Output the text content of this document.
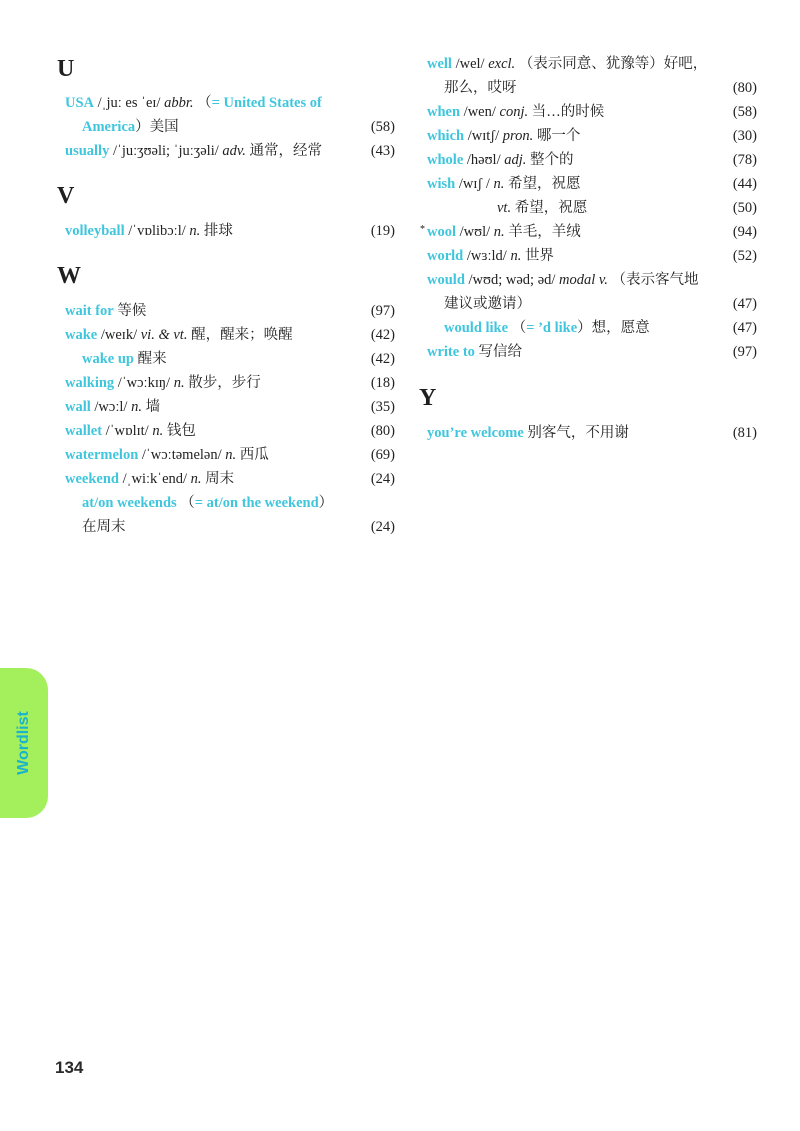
U
USA /ˌjuː es ˈeɪ/ abbr. （= United States of
America）美国	(58)
usually /ˈjuːʒʊəli; ˈjuːʒəli/ adv. 通常，经常	(43)
V
volleyball /ˈvɒlibɔːl/ n. 排球	(19)
W
wait for 等候	(97)
wake /weɪk/ vi. & vt. 醒，醒来；唤醒	(42)
wake up 醒来	(42)
walking /ˈwɔːkɪŋ/ n. 散步，步行	(18)
wall /wɔːl/ n. 墙	(35)
wallet /ˈwɒlɪt/ n. 钱包	(80)
watermelon /ˈwɔːtəmelən/ n. 西瓜	(69)
weekend /ˌwiːkˈend/ n. 周末	(24)
at/on weekends （= at/on the weekend）
在周末	(24)
well /wel/ excl. （表示同意、犹豫等）好吧，
那么，哎呀	(80)
when /wen/ conj. 当…的时候	(58)
which /wɪtʃ/ pron. 哪一个	(30)
whole /həʊl/ adj. 整个的	(78)
wish /wɪʃ / n. 希望，祝愿	(44)
vt. 希望，祝愿	(50)
* wool /wʊl/ n. 羊毛，羊绒	(94)
world /wɜːld/ n. 世界	(52)
would /wʊd; wəd; əd/ modal v. （表示客气地
建议或邀请）	(47)
would like （= ’d like）想，愿意	(47)
write to 写信给	(97)
Y
you’re welcome 别客气，不用谢	(81)
Wordlist
134
